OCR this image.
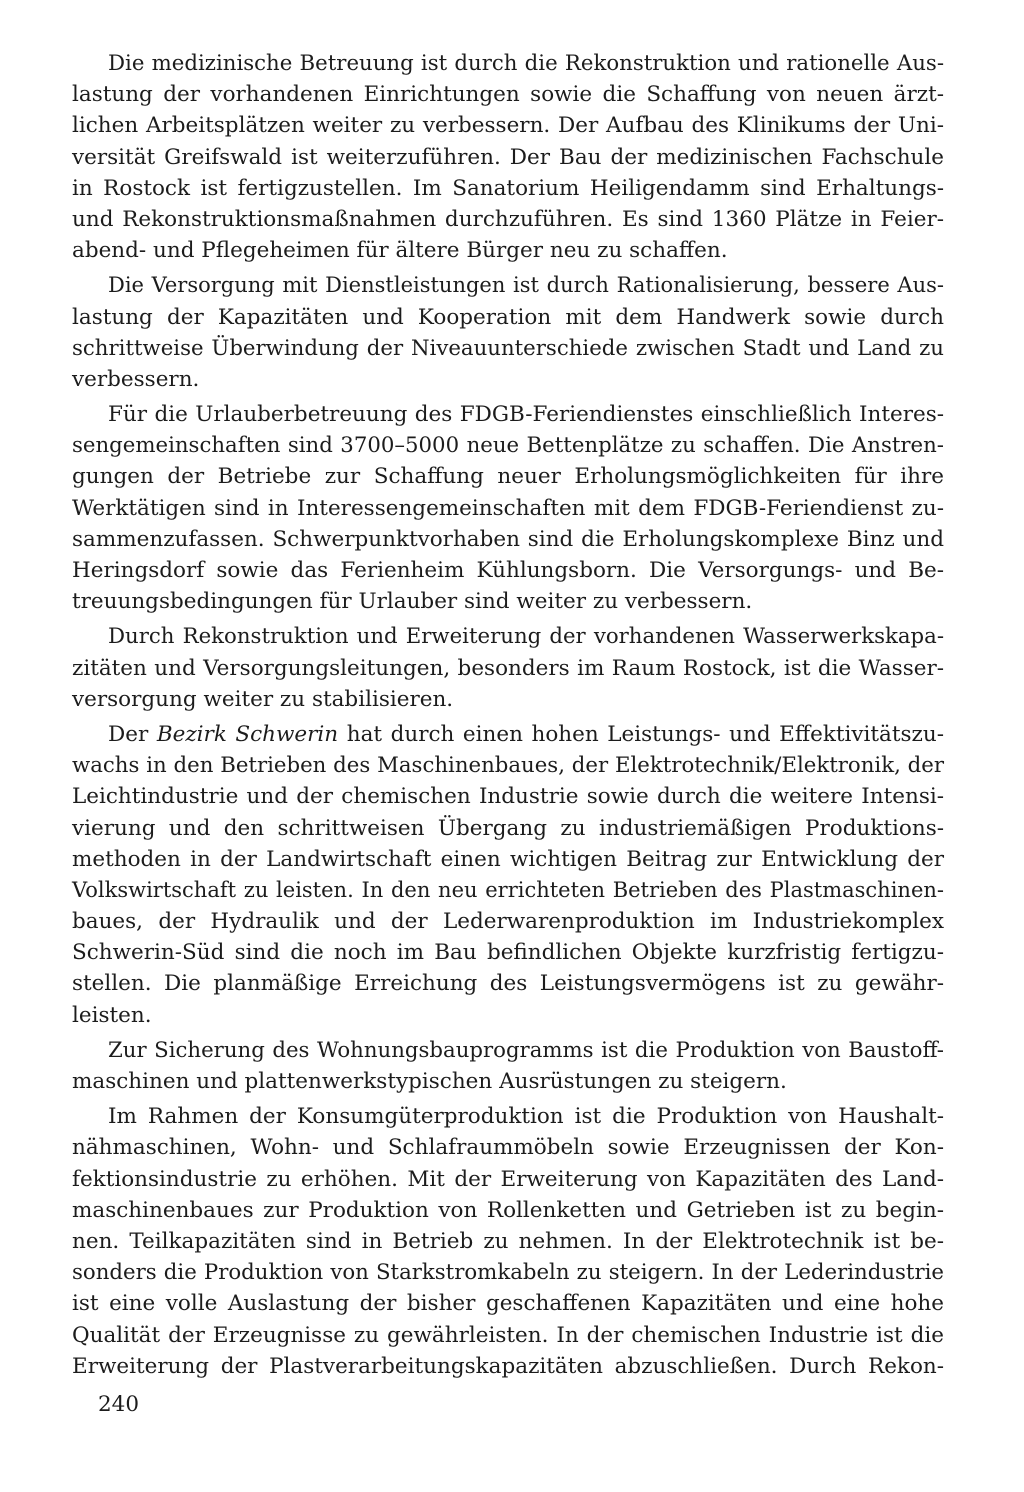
Die medizinische Betreuung ist durch die Rekonstruktion und rationelle Aus-
lastung der vorhandenen Einrichtungen sowie die Schaffung von neuen ärzt-
lichen Arbeitsplätzen weiter zu verbessern. Der Aufbau des Klinikums der Uni-
versität Greifswald ist weiterzuführen. Der Bau der medizinischen Fachschule
in Rostock ist fertigzustellen. Im Sanatorium Heiligendamm sind Erhaltungs-
und Rekonstruktionsmaßnahmen durchzuführen. Es sind 1360 Plätze in Feier-
abend- und Pflegeheimen für ältere Bürger neu zu schaffen.
Die Versorgung mit Dienstleistungen ist durch Rationalisierung, bessere Aus-
lastung der Kapazitäten und Kooperation mit dem Handwerk sowie durch
schrittweise Überwindung der Niveauunterschiede zwischen Stadt und Land zu
verbessern.
Für die Urlauberbetreuung des FDGB-Feriendienstes einschließlich Interes-
sengemeinschaften sind 3700–5000 neue Bettenplätze zu schaffen. Die Anstren-
gungen der Betriebe zur Schaffung neuer Erholungsmöglichkeiten für ihre
Werktätigen sind in Interessengemeinschaften mit dem FDGB-Feriendienst zu-
sammenzufassen. Schwerpunktvorhaben sind die Erholungskomplexe Binz und
Heringsdorf sowie das Ferienheim Kühlungsborn. Die Versorgungs- und Be-
treuungsbedingungen für Urlauber sind weiter zu verbessern.
Durch Rekonstruktion und Erweiterung der vorhandenen Wasserwerkskapa-
zitäten und Versorgungsleitungen, besonders im Raum Rostock, ist die Wasser-
versorgung weiter zu stabilisieren.
Der Bezirk Schwerin hat durch einen hohen Leistungs- und Effektivitätszu-
wachs in den Betrieben des Maschinenbaues, der Elektrotechnik/Elektronik, der
Leichtindustrie und der chemischen Industrie sowie durch die weitere Intensi-
vierung und den schrittweisen Übergang zu industriemäßigen Produktions-
methoden in der Landwirtschaft einen wichtigen Beitrag zur Entwicklung der
Volkswirtschaft zu leisten. In den neu errichteten Betrieben des Plastmaschinen-
baues, der Hydraulik und der Lederwarenproduktion im Industriekomplex
Schwerin-Süd sind die noch im Bau befindlichen Objekte kurzfristig fertigzu-
stellen. Die planmäßige Erreichung des Leistungsvermögens ist zu gewähr-
leisten.
Zur Sicherung des Wohnungsbauprogramms ist die Produktion von Baustoff-
maschinen und plattenwerkstypischen Ausrüstungen zu steigern.
Im Rahmen der Konsumgüterproduktion ist die Produktion von Haushalt-
nähmaschinen, Wohn- und Schlafraummöbeln sowie Erzeugnissen der Kon-
fektionsindustrie zu erhöhen. Mit der Erweiterung von Kapazitäten des Land-
maschinenbaues zur Produktion von Rollenketten und Getrieben ist zu begin-
nen. Teilkapazitäten sind in Betrieb zu nehmen. In der Elektrotechnik ist be-
sonders die Produktion von Starkstromkabeln zu steigern. In der Lederindustrie
ist eine volle Auslastung der bisher geschaffenen Kapazitäten und eine hohe
Qualität der Erzeugnisse zu gewährleisten. In der chemischen Industrie ist die
Erweiterung der Plastverarbeitungskapazitäten abzuschließen. Durch Rekon-
240
